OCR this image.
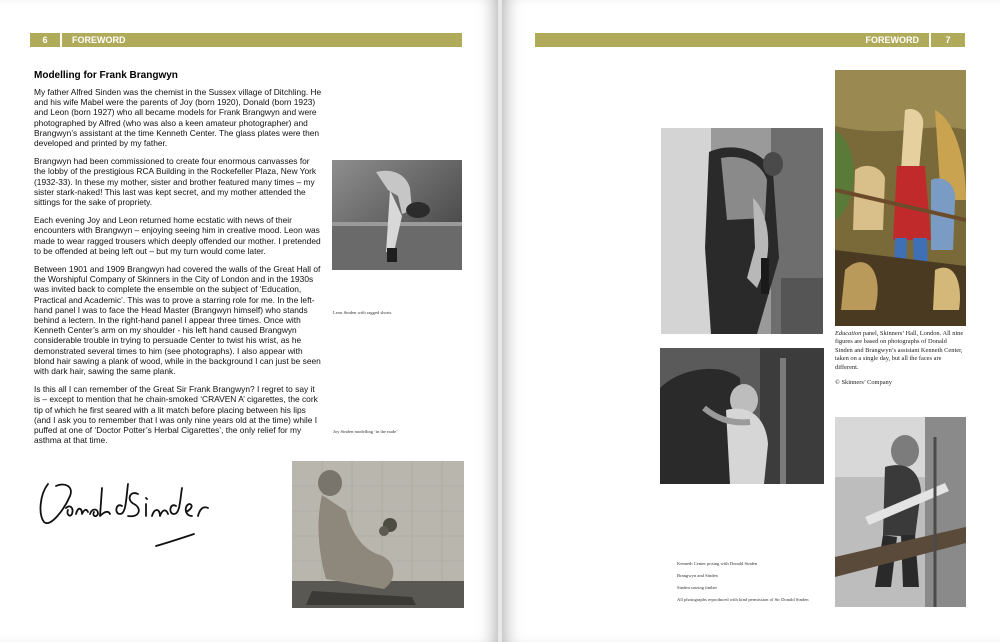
6	FOREWORD
Modelling for Frank Brangwyn

My father Alfred Sinden was the chemist in the Sussex village of Ditchling. He and his wife Mabel were the parents of Joy (born 1920), Donald (born 1923) and Leon (born 1927) who all became models for Frank Brangwyn and were photographed by Alfred (who was also a keen amateur photographer) and Brangwyn’s assistant at the time Kenneth Center. The glass plates were then developed and printed by my father.

Brangwyn had been commissioned to create four enormous canvasses for the lobby of the prestigious RCA Building in the Rockefeller Plaza, New York (1932-33). In these my mother, sister and brother featured many times – my sister stark-naked! This last was kept secret, and my mother attended the sittings for the sake of propriety.

Each evening Joy and Leon returned home ecstatic with news of their encounters with Brangwyn – enjoying seeing him in creative mood. Leon was made to wear ragged trousers which deeply offended our mother. I pretended to be offended at being left out – but my turn would come later.

Between 1901 and 1909 Brangwyn had covered the walls of the Great Hall of the Worshipful Company of Skinners in the City of London and in the 1930s was invited back to complete the ensemble on the subject of ‘Education, Practical and Academic’. This was to prove a starring role for me. In the left-hand panel I was to face the Head Master (Brangwyn himself) who stands behind a lectern. In the right-hand panel I appear three times. Once with Kenneth Center’s arm on my shoulder - his left hand caused Brangwyn considerable trouble in trying to persuade Center to twist his wrist, as he demonstrated several times to him (see photographs). I also appear with blond hair sawing a plank of wood, while in the background I can just be seen with dark hair, sawing the same plank.

Is this all I can remember of the Great Sir Frank Brangwyn? I regret to say it is – except to mention that he chain-smoked ‘CRAVEN A’ cigarettes, the cork tip of which he first seared with a lit match before placing between his lips (and I ask you to remember that I was only nine years old at the time) while I puffed at one of ‘Doctor Potter’s Herbal Cigarettes’, the only relief for my asthma at that time.

Leon Sinden with ragged shorts
Joy Sinden modelling ‘in the nude’
FOREWORD	7
Education panel, Skinners’ Hall, London. All nine figures are based on photographs of Donald Sinden and Brangwyn’s assistant Kenneth Center, taken on a single day, but all the faces are different.
© Skinners’ Company
Kenneth Center posing with Donald Sinden
Brangwyn and Sinden
Sinden sawing timber
All photographs reproduced with kind permission of Sir Donald Sinden
